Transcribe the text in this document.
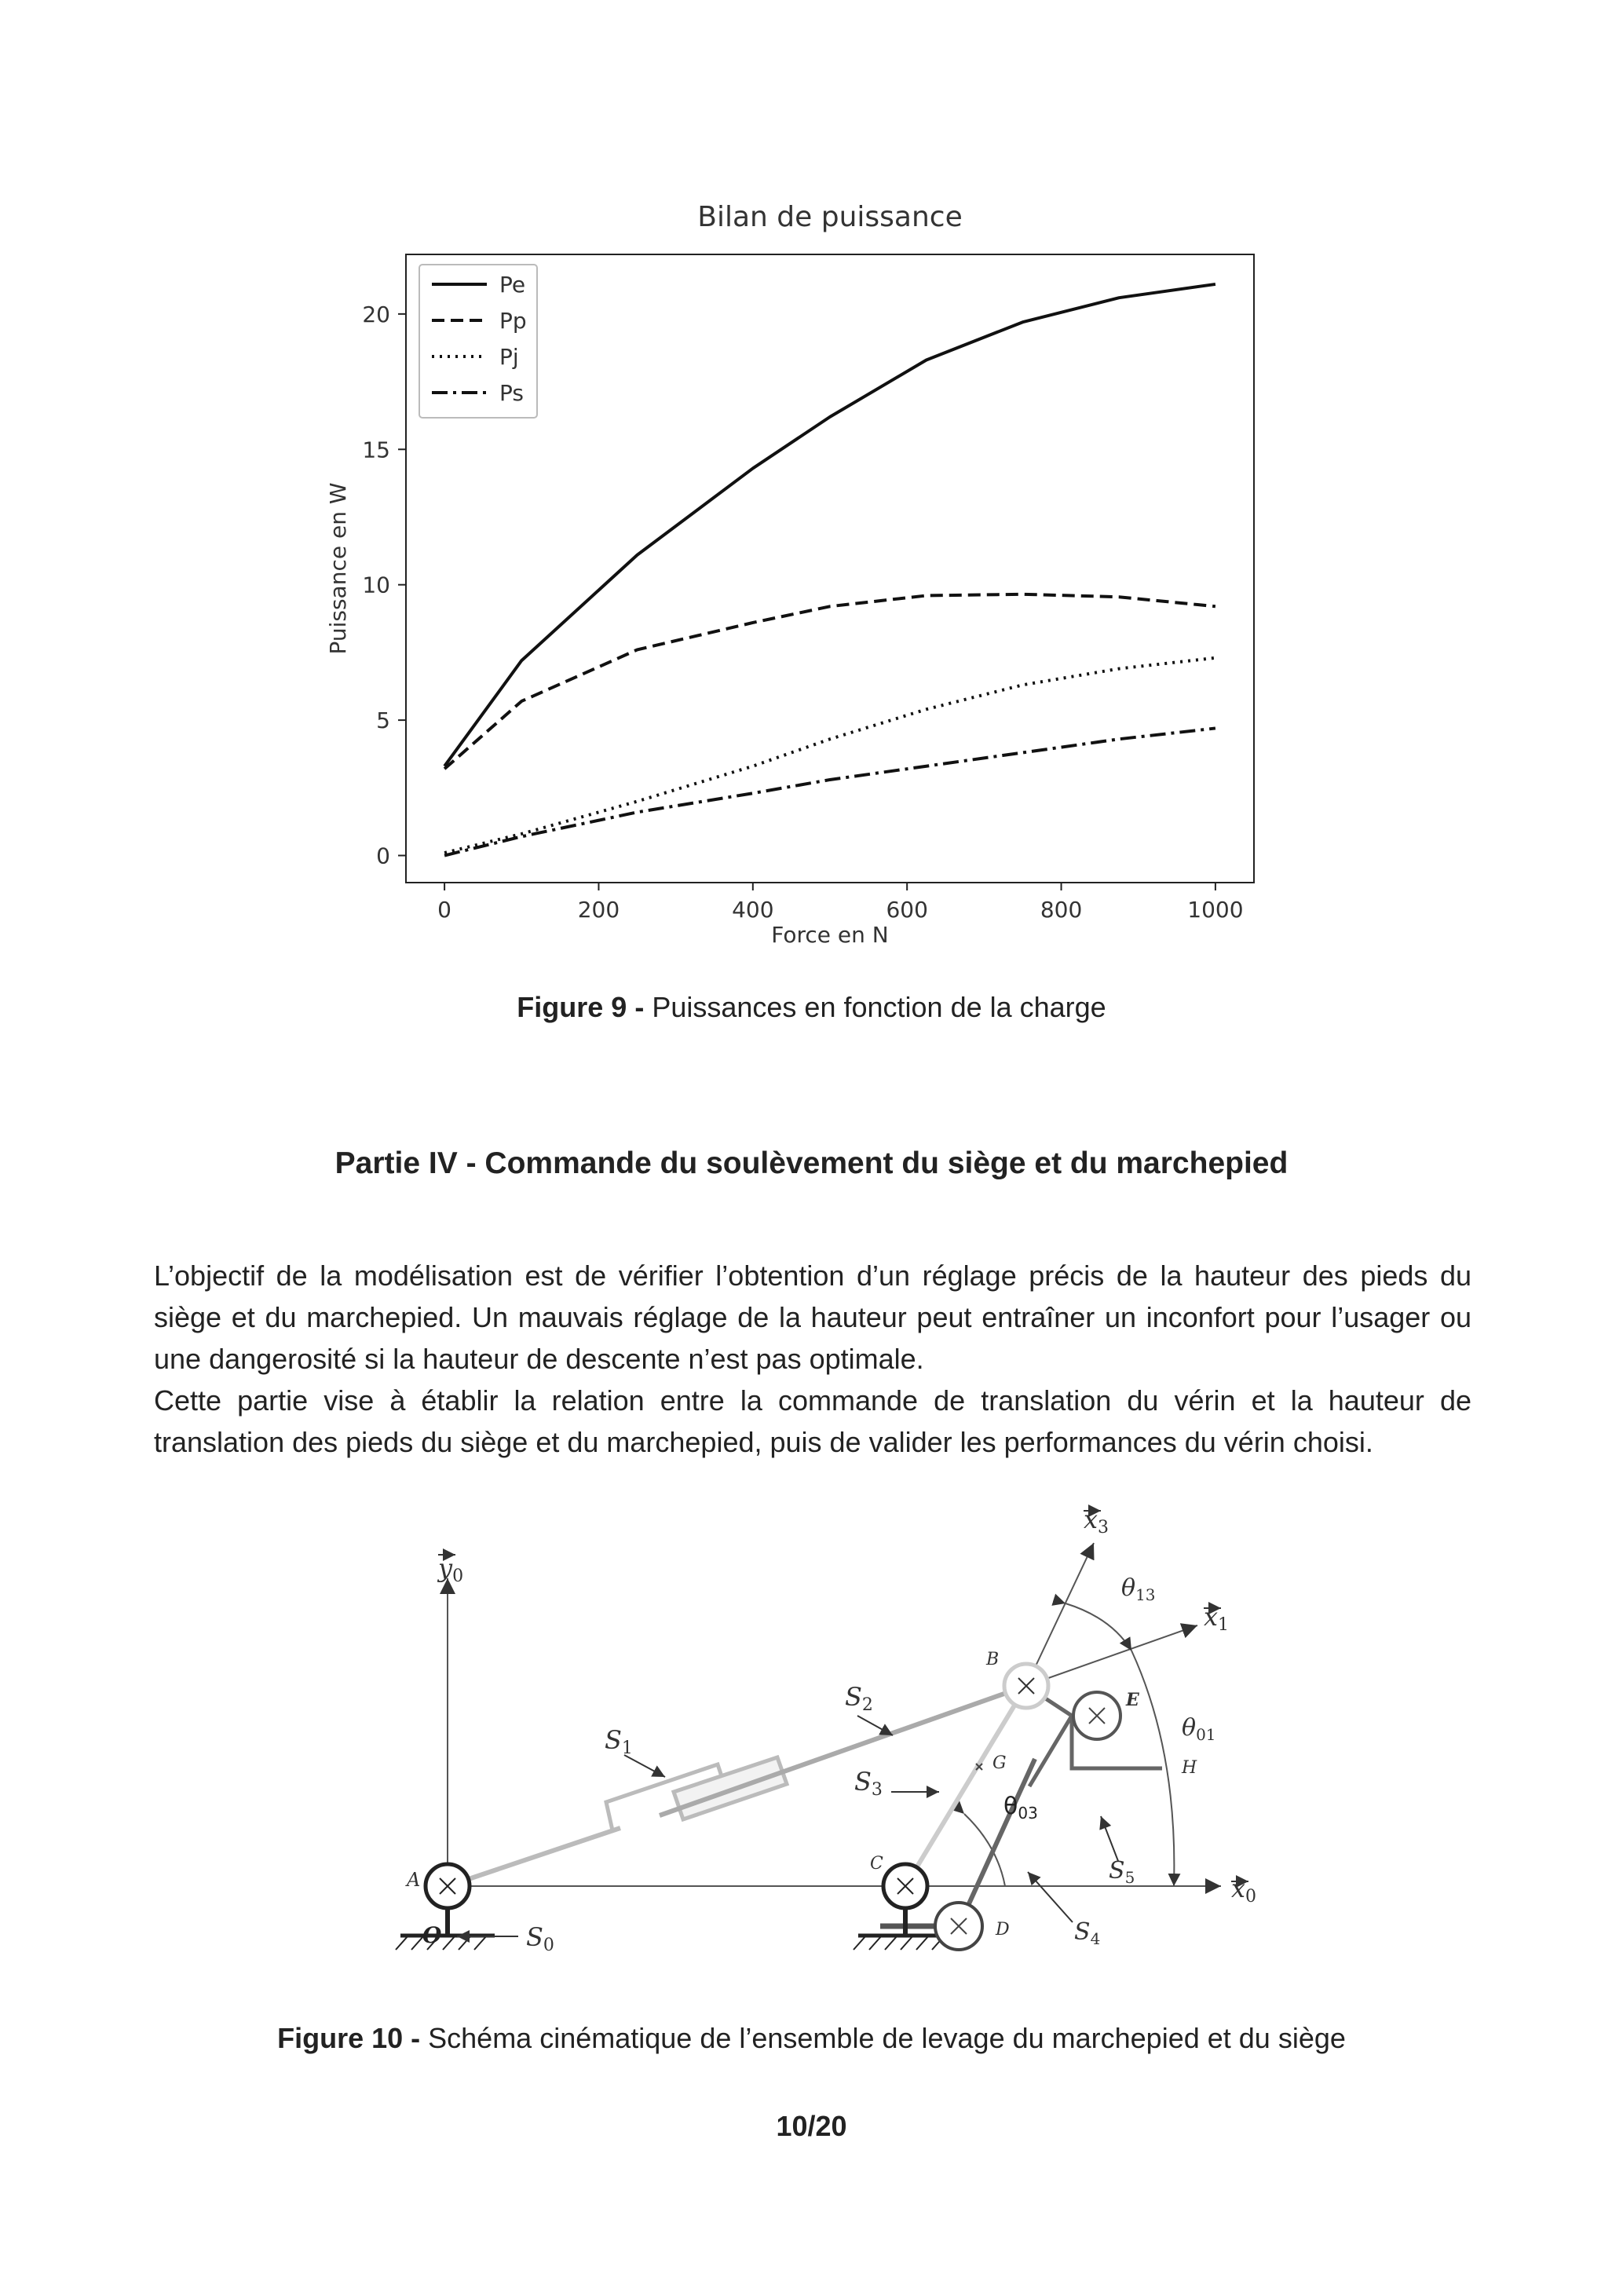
Bilan de puissance
0	200	400	600	800	1000
0
5
10
15
20
Force en N
Puissance en W
Pe
Pp
Pj
Ps
Figure 9 - Puissances en fonction de la charge
Partie IV - Commande du soulèvement du siège et du marchepied

L’objectif de la modélisation est de vérifier l’obtention d’un réglage précis de la hauteur des pieds du siège et du marchepied. Un mauvais réglage de la hauteur peut entraîner un inconfort pour l’usager ou une dangerosité si la hauteur de descente n’est pas optimale.

Cette partie vise à établir la relation entre la commande de translation du vérin et la hauteur de translation des pieds du siège et du marchepied, puis de valider les performances du vérin choisi.

y0
x0
x1
x3
$\theta_{13}$
$\theta_{01}$
$\theta_{03}$
S0
S1
S2
S3
$S_4$
$S_5$
A
B
C
D
E
G	H
O
Figure 10 - Schéma cinématique de l’ensemble de levage du marchepied et du siège
10/20
